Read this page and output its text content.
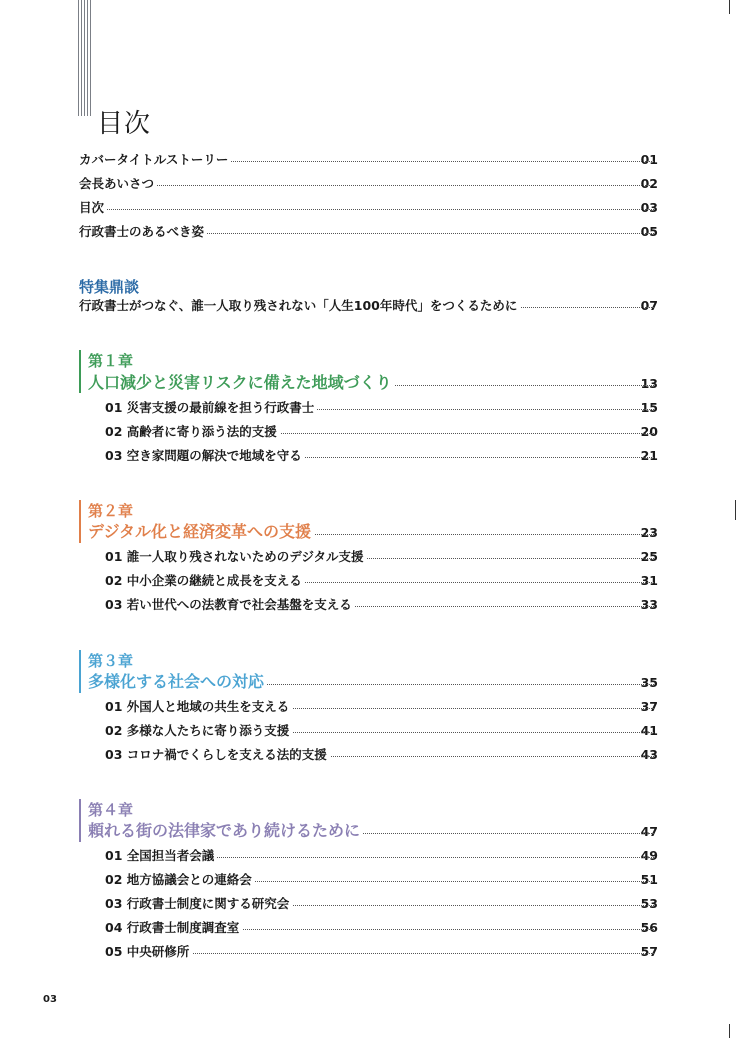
目次
カバータイトルストーリー	01
会長あいさつ	02
目次	03
行政書士のあるべき姿	05
特集鼎談
行政書士がつなぐ、誰一人取り残されない「人生100年時代」をつくるために	07
第１章
人口減少と災害リスクに備えた地域づくり	13
01 災害支援の最前線を担う行政書士	15
02 高齢者に寄り添う法的支援	20
03 空き家問題の解決で地域を守る	21
第２章
デジタル化と経済変革への支援	23
01 誰一人取り残されないためのデジタル支援	25
02 中小企業の継続と成長を支える	31
03 若い世代への法教育で社会基盤を支える	33
第３章
多様化する社会への対応	35
01 外国人と地域の共生を支える	37
02 多様な人たちに寄り添う支援	41
03 コロナ禍でくらしを支える法的支援	43
第４章
頼れる街の法律家であり続けるために	47
01 全国担当者会議	49
02 地方協議会との連絡会	51
03 行政書士制度に関する研究会	53
04 行政書士制度調査室	56
05 中央研修所	57
03
